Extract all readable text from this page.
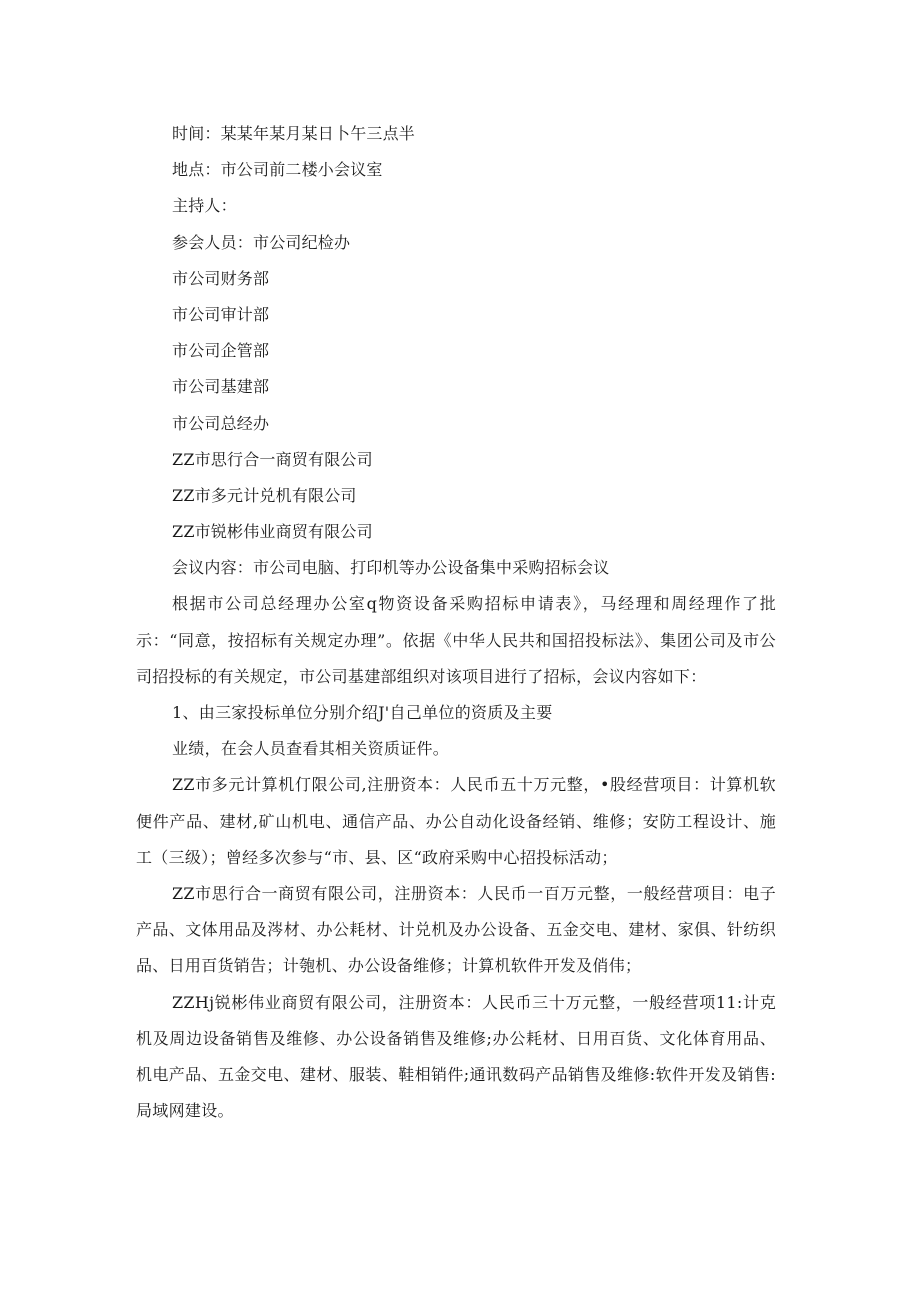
时间：某某年某月某日卜午三点半
地点：市公司前二楼小会议室
主持人：
参会人员：市公司纪检办
市公司财务部
市公司审计部
市公司企管部
市公司基建部
市公司总经办
ZZ市思行合一商贸有限公司
ZZ市多元计兑机有限公司
ZZ市锐彬伟业商贸有限公司
会议内容：市公司电脑、打印机等办公设备集中采购招标会议

根据市公司总经理办公室q物资设备采购招标申请表》，马经理和周经理作了批示：“同意，按招标有关规定办理”。依据《中华人民共和国招投标法》、集团公司及市公司招投标的有关规定，市公司基建部组织对该项目进行了招标，会议内容如下：

1、由三家投标单位分别介绍J'自己单位的资质及主要

业绩，在会人员查看其相关资质证件。

ZZ市多元计算机仃限公司,注册资本：人民币五十万元整，•股经营项目：计算机软便件产品、建材,矿山机电、通信产品、办公自动化设备经销、维修；安防工程设计、施工（三级）；曾经多次参与“市、县、区“政府采购中心招投标活动；

ZZ市思行合一商贸有限公司，注册资本：人民币一百万元整，一般经营项目：电子产品、文体用品及涔材、办公耗材、计兑机及办公设备、五金交电、建材、家俱、针纺织品、日用百货销告；计匏机、办公设备维修；计算机软件开发及俏伟；

ZZHj锐彬伟业商贸有限公司，注册资本：人民币三十万元整，一般经营项11:计克机及周边设备销售及维修、办公设备销售及维修;办公耗材、日用百货、文化体育用品、机电产品、五金交电、建材、服装、鞋相销件;通讯数码产品销售及维修:软件开发及销售:局域网建设。
